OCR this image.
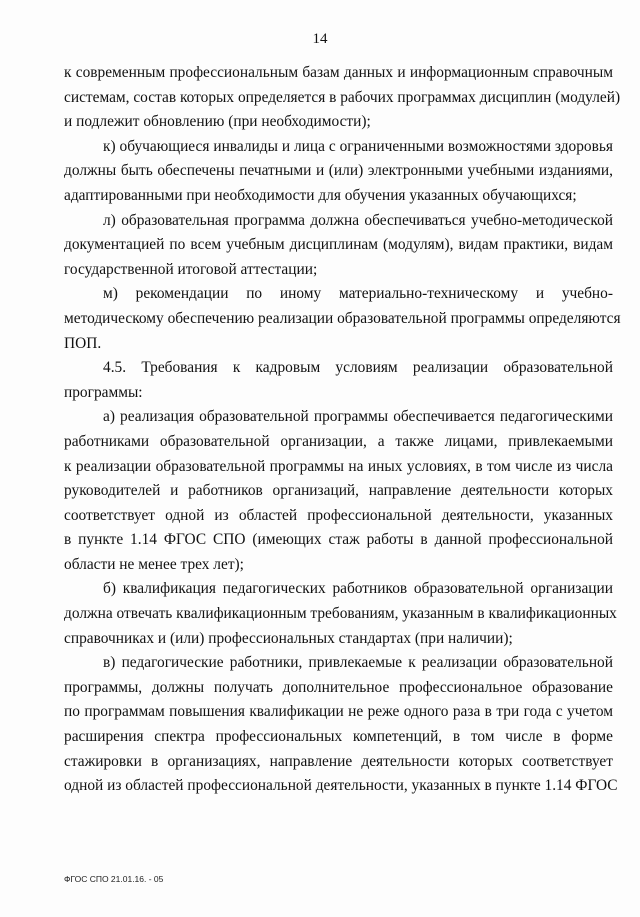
14
к современным профессиональным базам данных и информационным справочным
системам, состав которых определяется в рабочих программах дисциплин (модулей)
и подлежит обновлению (при необходимости);
к) обучающиеся инвалиды и лица с ограниченными возможностями здоровья
должны быть обеспечены печатными и (или) электронными учебными изданиями,
адаптированными при необходимости для обучения указанных обучающихся;
л) образовательная программа должна обеспечиваться учебно-методической
документацией по всем учебным дисциплинам (модулям), видам практики, видам
государственной итоговой аттестации;
м) рекомендации по иному материально-техническому и учебно-
методическому обеспечению реализации образовательной программы определяются
ПОП.
4.5. Требования к кадровым условиям реализации образовательной
программы:
а) реализация образовательной программы обеспечивается педагогическими
работниками образовательной организации, а также лицами, привлекаемыми
к реализации образовательной программы на иных условиях, в том числе из числа
руководителей и работников организаций, направление деятельности которых
соответствует одной из областей профессиональной деятельности, указанных
в пункте 1.14 ФГОС СПО (имеющих стаж работы в данной профессиональной
области не менее трех лет);
б) квалификация педагогических работников образовательной организации
должна отвечать квалификационным требованиям, указанным в квалификационных
справочниках и (или) профессиональных стандартах (при наличии);
в) педагогические работники, привлекаемые к реализации образовательной
программы, должны получать дополнительное профессиональное образование
по программам повышения квалификации не реже одного раза в три года с учетом
расширения спектра профессиональных компетенций, в том числе в форме
стажировки в организациях, направление деятельности которых соответствует
одной из областей профессиональной деятельности, указанных в пункте 1.14 ФГОС
ФГОС СПО 21.01.16. - 05
